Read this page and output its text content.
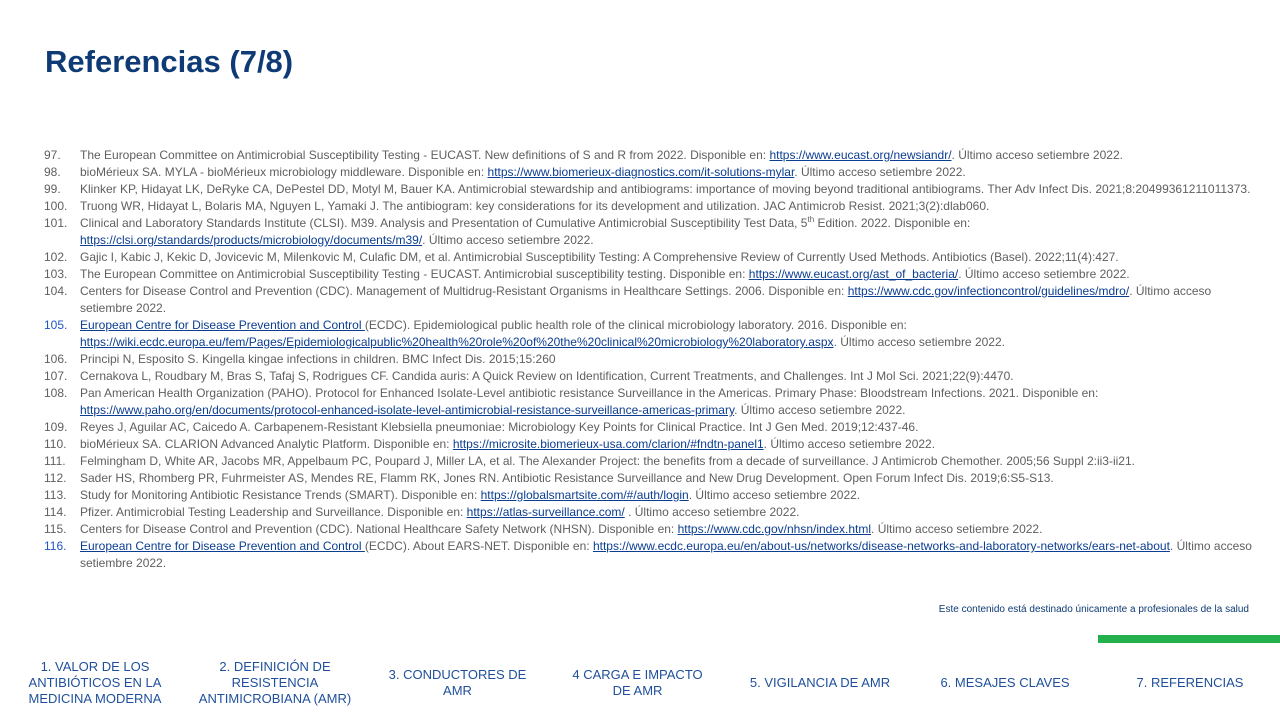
Referencias (7/8)
97.	The European Committee on Antimicrobial Susceptibility Testing - EUCAST. New definitions of S and R from 2022. Disponible en: https://www.eucast.org/newsiandr/. Último acceso setiembre 2022.
98.	bioMérieux SA. MYLA - bioMérieux microbiology middleware. Disponible en: https://www.biomerieux-diagnostics.com/it-solutions-mylar. Último acceso setiembre 2022.
99.	Klinker KP, Hidayat LK, DeRyke CA, DePestel DD, Motyl M, Bauer KA. Antimicrobial stewardship and antibiograms: importance of moving beyond traditional antibiograms. Ther Adv Infect Dis. 2021;8:20499361211011373.
100.	Truong WR, Hidayat L, Bolaris MA, Nguyen L, Yamaki J. The antibiogram: key considerations for its development and utilization. JAC Antimicrob Resist. 2021;3(2):dlab060.
101.	Clinical and Laboratory Standards Institute (CLSI). M39. Analysis and Presentation of Cumulative Antimicrobial Susceptibility Test Data, 5th Edition. 2022. Disponible en: https://clsi.org/standards/products/microbiology/documents/m39/. Último acceso setiembre 2022.
102.	Gajic I, Kabic J, Kekic D, Jovicevic M, Milenkovic M, Culafic DM, et al. Antimicrobial Susceptibility Testing: A Comprehensive Review of Currently Used Methods. Antibiotics (Basel). 2022;11(4):427.
103.	The European Committee on Antimicrobial Susceptibility Testing - EUCAST. Antimicrobial susceptibility testing. Disponible en: https://www.eucast.org/ast_of_bacteria/. Último acceso setiembre 2022.
104.	Centers for Disease Control and Prevention (CDC). Management of Multidrug-Resistant Organisms in Healthcare Settings. 2006. Disponible en: https://www.cdc.gov/infectioncontrol/guidelines/mdro/. Último acceso setiembre 2022.
105.	European Centre for Disease Prevention and Control (ECDC). Epidemiological public health role of the clinical microbiology laboratory. 2016. Disponible en: https://wiki.ecdc.europa.eu/fem/Pages/Epidemiologicalpublic%20health%20role%20of%20the%20clinical%20microbiology%20laboratory.aspx. Último acceso setiembre 2022.
106.	Principi N, Esposito S. Kingella kingae infections in children. BMC Infect Dis. 2015;15:260
107.	Cernakova L, Roudbary M, Bras S, Tafaj S, Rodrigues CF. Candida auris: A Quick Review on Identification, Current Treatments, and Challenges. Int J Mol Sci. 2021;22(9):4470.
108.	Pan American Health Organization (PAHO). Protocol for Enhanced Isolate-Level antibiotic resistance Surveillance in the Americas. Primary Phase: Bloodstream Infections. 2021. Disponible en: https://www.paho.org/en/documents/protocol-enhanced-isolate-level-antimicrobial-resistance-surveillance-americas-primary. Último acceso setiembre 2022.
109.	Reyes J, Aguilar AC, Caicedo A. Carbapenem-Resistant Klebsiella pneumoniae: Microbiology Key Points for Clinical Practice. Int J Gen Med. 2019;12:437-46.
110.	bioMérieux SA. CLARION Advanced Analytic Platform. Disponible en: https://microsite.biomerieux-usa.com/clarion/#fndtn-panel1. Último acceso setiembre 2022.
111.	Felmingham D, White AR, Jacobs MR, Appelbaum PC, Poupard J, Miller LA, et al. The Alexander Project: the benefits from a decade of surveillance. J Antimicrob Chemother. 2005;56 Suppl 2:ii3-ii21.
112.	Sader HS, Rhomberg PR, Fuhrmeister AS, Mendes RE, Flamm RK, Jones RN. Antibiotic Resistance Surveillance and New Drug Development. Open Forum Infect Dis. 2019;6:S5-S13.
113.	Study for Monitoring Antibiotic Resistance Trends (SMART). Disponible en: https://globalsmartsite.com/#/auth/login. Último acceso setiembre 2022.
114.	Pfizer. Antimicrobial Testing Leadership and Surveillance. Disponible en: https://atlas-surveillance.com/ . Último acceso setiembre 2022.
115.	Centers for Disease Control and Prevention (CDC). National Healthcare Safety Network (NHSN). Disponible en: https://www.cdc.gov/nhsn/index.html. Último acceso setiembre 2022.
116.	European Centre for Disease Prevention and Control (ECDC). About EARS-NET. Disponible en: https://www.ecdc.europa.eu/en/about-us/networks/disease-networks-and-laboratory-networks/ears-net-about. Último acceso setiembre 2022.
Este contenido está destinado únicamente a profesionales de la salud
1. VALOR DE LOS ANTIBIÓTICOS EN LA MEDICINA MODERNA
2. DEFINICIÓN DE RESISTENCIA ANTIMICROBIANA (AMR)
3. CONDUCTORES DE AMR
4 CARGA E IMPACTO DE AMR
5. VIGILANCIA DE AMR	6. MESAJES CLAVES	7. REFERENCIAS
